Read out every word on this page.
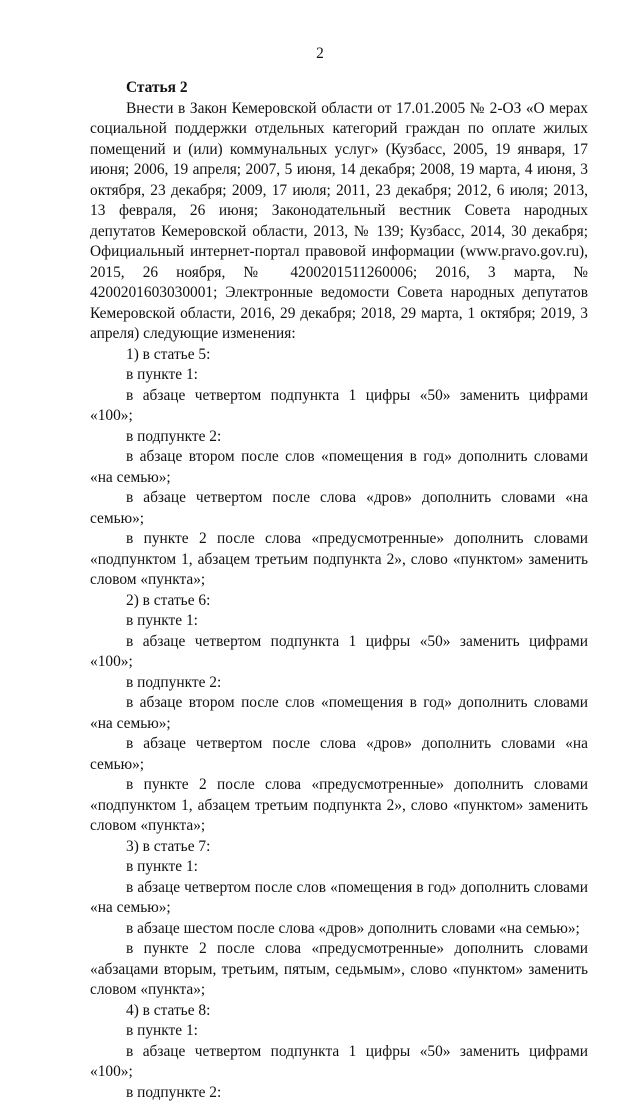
2

Статья 2

Внести в Закон Кемеровской области от 17.01.2005 № 2-ОЗ «О мерах социальной поддержки отдельных категорий граждан по оплате жилых помещений и (или) коммунальных услуг» (Кузбасс, 2005, 19 января, 17 июня; 2006, 19 апреля; 2007, 5 июня, 14 декабря; 2008, 19 марта, 4 июня, 3 октября, 23 декабря; 2009, 17 июля; 2011, 23 декабря; 2012, 6 июля; 2013, 13 февраля, 26 июня; Законодательный вестник Совета народных депутатов Кемеровской области, 2013, № 139; Кузбасс, 2014, 30 декабря; Официальный интернет-портал правовой информации (www.pravo.gov.ru), 2015, 26 ноября, № 4200201511260006; 2016, 3 марта, № 4200201603030001; Электронные ведомости Совета народных депутатов Кемеровской области, 2016, 29 декабря; 2018, 29 марта, 1 октября; 2019, 3 апреля) следующие изменения:

1) в статье 5:

в пункте 1:

в абзаце четвертом подпункта 1 цифры «50» заменить цифрами «100»;

в подпункте 2:

в абзаце втором после слов «помещения в год» дополнить словами «на семью»;

в абзаце четвертом после слова «дров» дополнить словами «на семью»;

в пункте 2 после слова «предусмотренные» дополнить словами «подпунктом 1, абзацем третьим подпункта 2», слово «пунктом» заменить словом «пункта»;

2) в статье 6:

в пункте 1:

в абзаце четвертом подпункта 1 цифры «50» заменить цифрами «100»;

в подпункте 2:

в абзаце втором после слов «помещения в год» дополнить словами «на семью»;

в абзаце четвертом после слова «дров» дополнить словами «на семью»;

в пункте 2 после слова «предусмотренные» дополнить словами «подпунктом 1, абзацем третьим подпункта 2», слово «пунктом» заменить словом «пункта»;

3) в статье 7:

в пункте 1:

в абзаце четвертом после слов «помещения в год» дополнить словами «на семью»;

в абзаце шестом после слова «дров» дополнить словами «на семью»;

в пункте 2 после слова «предусмотренные» дополнить словами «абзацами вторым, третьим, пятым, седьмым», слово «пунктом» заменить словом «пункта»;

4) в статье 8:

в пункте 1:

в абзаце четвертом подпункта 1 цифры «50» заменить цифрами «100»;

в подпункте 2:
